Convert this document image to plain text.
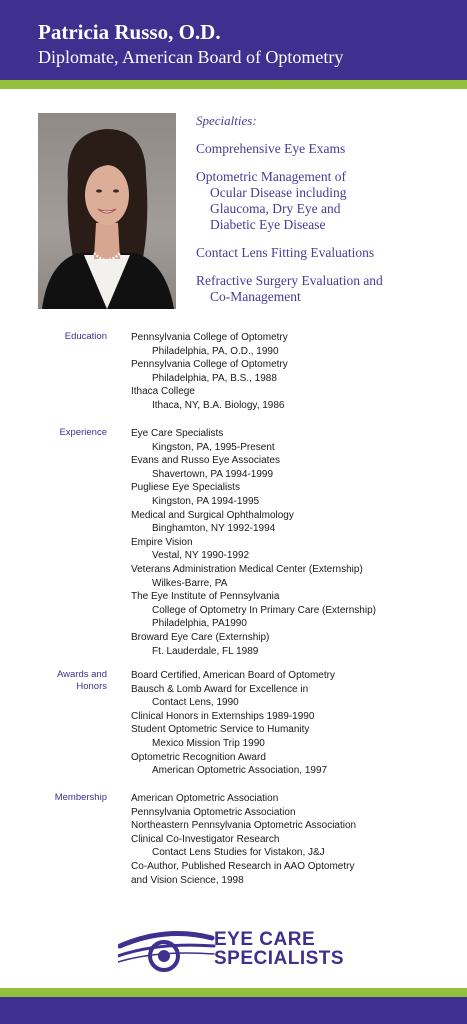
Patricia Russo, O.D.
Diplomate, American Board of Optometry
Specialties:
Comprehensive Eye Exams
Optometric Management of
Ocular Disease including
Glaucoma, Dry Eye and
Diabetic Eye Disease
Contact Lens Fitting Evaluations
Refractive Surgery Evaluation and
Co-Management
Education Pennsylvania College of Optometry
Philadelphia, PA, O.D., 1990
Pennsylvania College of Optometry
Philadelphia, PA, B.S., 1988
Ithaca College
Ithaca, NY, B.A. Biology, 1986
Experience Eye Care Specialists
Kingston, PA, 1995-Present
Evans and Russo Eye Associates
Shavertown, PA 1994-1999
Pugliese Eye Specialists
Kingston, PA 1994-1995
Medical and Surgical Ophthalmology
Binghamton, NY 1992-1994
Empire Vision
Vestal, NY 1990-1992
Veterans Administration Medical Center (Externship)
Wilkes-Barre, PA
The Eye Institute of Pennsylvania
College of Optometry In Primary Care (Externship)
Philadelphia, PA1990
Broward Eye Care (Externship)
Ft. Lauderdale, FL 1989
Awards and
Honors
Board Certified, American Board of Optometry
Bausch & Lomb Award for Excellence in
Contact Lens, 1990
Clinical Honors in Externships 1989-1990
Student Optometric Service to Humanity
Mexico Mission Trip 1990
Optometric Recognition Award
American Optometric Association, 1997
Membership American Optometric Association
Pennsylvania Optometric Association
Northeastern Pennsylvania Optometric Association
Clinical Co-Investigator Research
Contact Lens Studies for Vistakon, J&J
Co-Author, Published Research in AAO Optometry
and Vision Science, 1998
EYE CARE
SPECIALISTS
